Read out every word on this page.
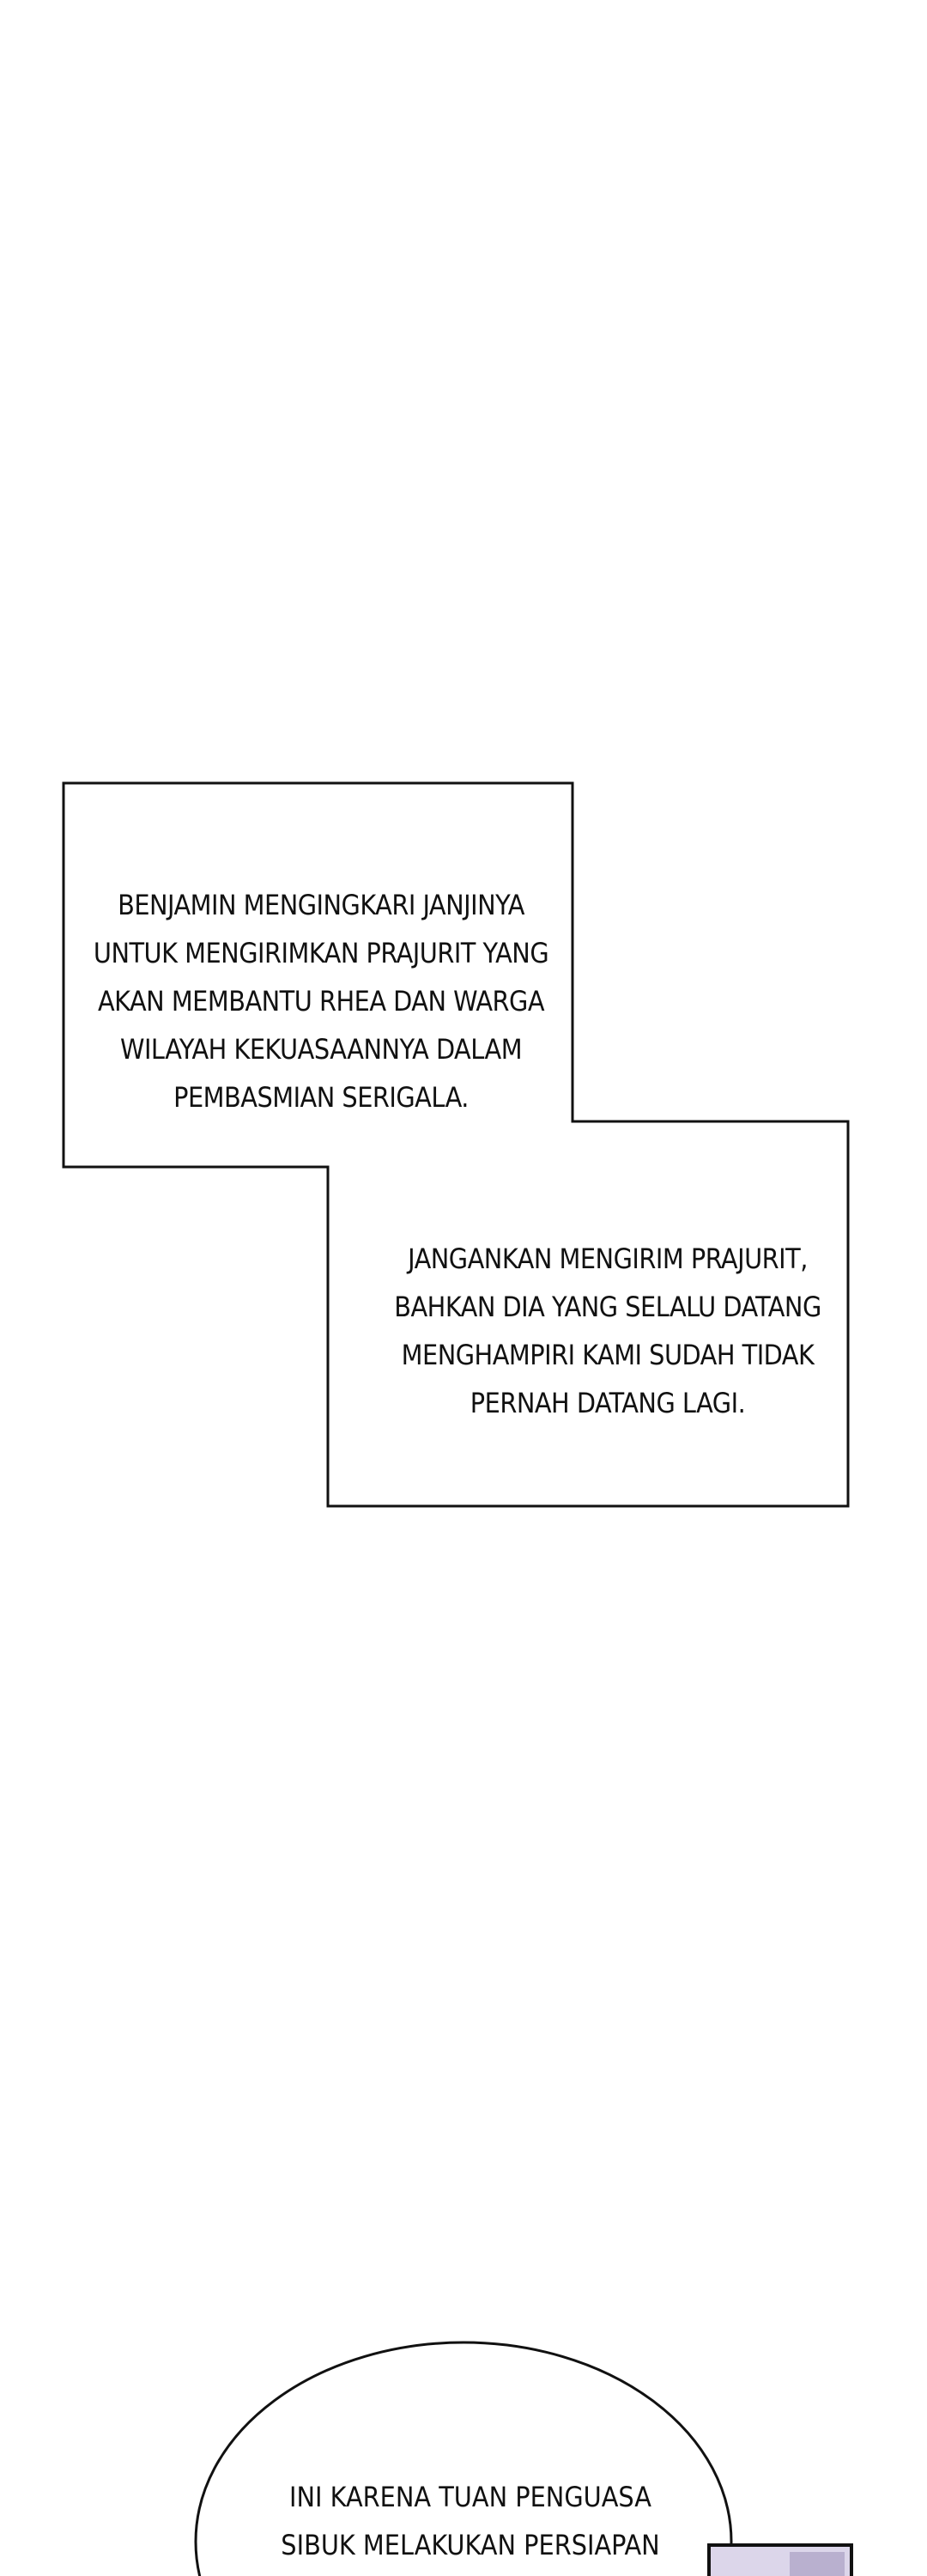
BENJAMIN MENGINGKARI JANJINYA
UNTUK MENGIRIMKAN PRAJURIT YANG
AKAN MEMBANTU RHEA DAN WARGA
WILAYAH KEKUASAANNYA DALAM
PEMBASMIAN SERIGALA.
JANGANKAN MENGIRIM PRAJURIT,
BAHKAN DIA YANG SELALU DATANG
MENGHAMPIRI KAMI SUDAH TIDAK
PERNAH DATANG LAGI.
INI KARENA TUAN PENGUASA
SIBUK MELAKUKAN PERSIAPAN
